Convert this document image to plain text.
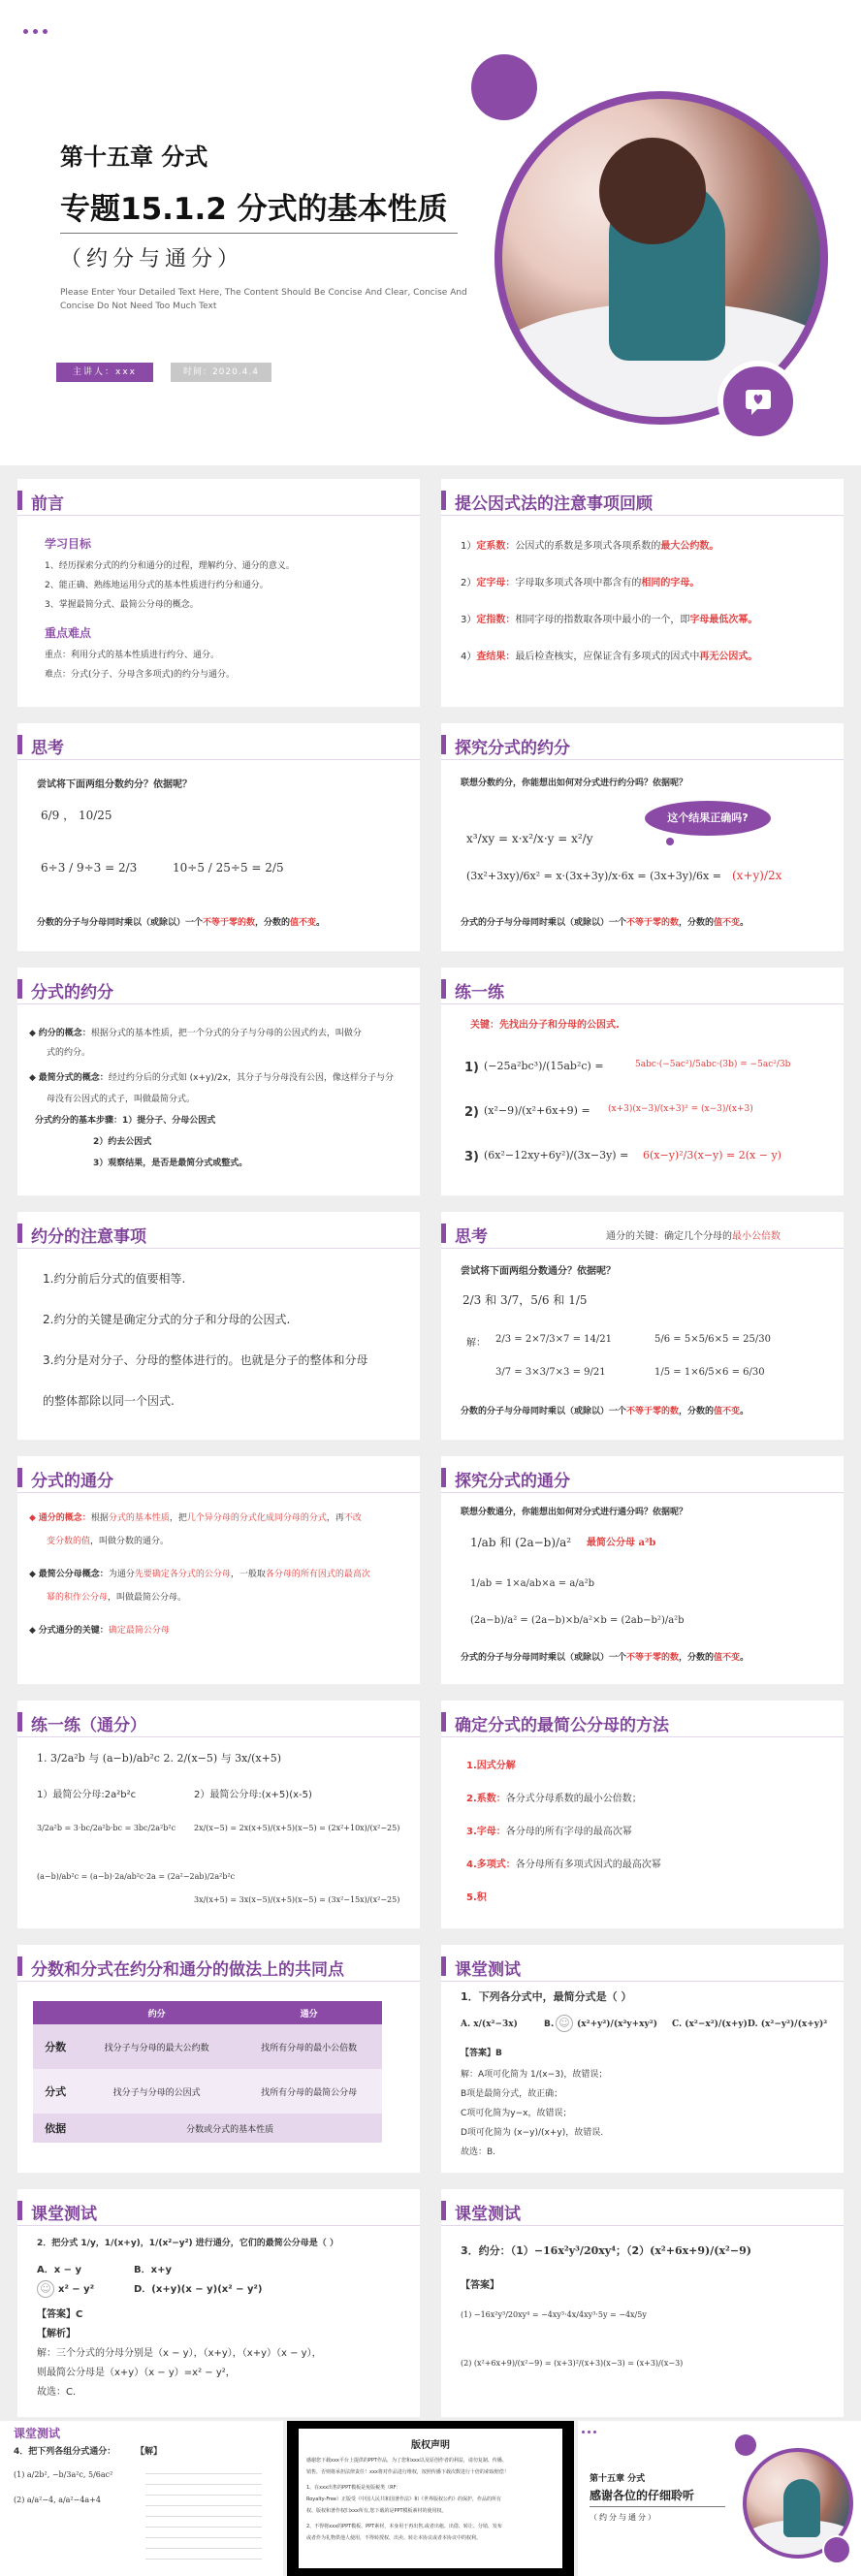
第十五章 分式
专题15.1.2 分式的基本性质
（约分与通分）
Please Enter Your Detailed Text Here, The Content Should Be Concise And Clear, Concise And
Concise Do Not Need Too Much Text
主讲人：xxx	时间：2020.4.4
前言
学习目标
1、经历探索分式的约分和通分的过程，理解约分、通分的意义。
2、能正确、熟练地运用分式的基本性质进行约分和通分。
3、掌握最简分式、最简公分母的概念。
重点难点
重点：利用分式的基本性质进行约分、通分。
难点：分式(分子、分母含多项式)的约分与通分。
提公因式法的注意事项回顾
1）定系数：公因式的系数是多项式各项系数的最大公约数。
2）定字母：字母取多项式各项中都含有的相同的字母。
3）定指数：相同字母的指数取各项中最小的一个，即字母最低次幂。
4）查结果：最后检查核实，应保证含有多项式的因式中再无公因式。
思考
尝试将下面两组分数约分？依据呢？
6/9 ， 10/25
6÷3 / 9÷3 = 2/3	10÷5 / 25÷5 = 2/5
分数的分子与分母同时乘以（或除以）一个不等于零的数，分数的值不变。
探究分式的约分
联想分数约分，你能想出如何对分式进行约分吗？依据呢？
这个结果正确吗?
x³/xy = x·x²/x·y = x²/y
(3x²+3xy)/6x² = x·(3x+3y)/x·6x = (3x+3y)/6x = (x+y)/2x
分式的分子与分母同时乘以（或除以）一个不等于零的数，分数的值不变。
分式的约分
◆ 约分的概念：根据分式的基本性质，把一个分式的分子与分母的公因式约去，叫做分
式的约分。
◆ 最简分式的概念：经过约分后的分式如 (x+y)/2x，其分子与分母没有公因，像这样分子与分
母没有公因式的式子，叫做最简分式。
分式约分的基本步骤：1）提分子、分母公因式
2）约去公因式
3）观察结果，是否是最简分式或整式。
练一练
关键：先找出分子和分母的公因式.
1) (−25a²bc³)/(15ab²c) =	5abc·(−5ac²)/5abc·(3b) = −5ac²/3b
2) (x²−9)/(x²+6x+9) = (x+3)(x−3)/(x+3)² = (x−3)/(x+3)
3) (6x²−12xy+6y²)/(3x−3y) = 6(x−y)²/3(x−y) = 2(x − y)
约分的注意事项
1.约分前后分式的值要相等.
2.约分的关键是确定分式的分子和分母的公因式.
3.约分是对分子、分母的整体进行的。也就是分子的整体和分母
的整体都除以同一个因式.
思考	通分的关键：确定几个分母的最小公倍数
尝试将下面两组分数通分？依据呢？
2/3 和 3/7，5/6 和 1/5
解： 2/3 = 2×7/3×7 = 14/21
3/7 = 3×3/7×3 = 9/21
5/6 = 5×5/6×5 = 25/30
1/5 = 1×6/5×6 = 6/30
分数的分子与分母同时乘以（或除以）一个不等于零的数，分数的值不变。
分式的通分
◆ 通分的概念：根据分式的基本性质，把几个异分母的分式化成同分母的分式，再不改
变分数的值，叫做分数的通分。
◆ 最简公分母概念：为通分先要确定各分式的公分母，一般取各分母的所有因式的最高次
幂的积作公分母，叫做最简公分母。
◆ 分式通分的关键：确定最简公分母
探究分式的通分
联想分数通分，你能想出如何对分式进行通分吗？依据呢？
1/ab 和 (2a−b)/a² 最简公分母 a²b
1/ab = 1×a/ab×a = a/a²b
(2a−b)/a² = (2a−b)×b/a²×b = (2ab−b²)/a²b
分式的分子与分母同时乘以（或除以）一个不等于零的数，分数的值不变。
练一练（通分）
1. 3/2a²b 与 (a−b)/ab²c 2. 2/(x−5) 与 3x/(x+5)
1）最简公分母:2a²b²c	2）最简公分母:(x+5)(x-5)
3/2a²b = 3·bc/2a²b·bc = 3bc/2a²b²c
(a−b)/ab²c = (a−b)·2a/ab²c·2a = (2a²−2ab)/2a²b²c
2x/(x−5) = 2x(x+5)/(x+5)(x−5) = (2x²+10x)/(x²−25)
3x/(x+5) = 3x(x−5)/(x+5)(x−5) = (3x²−15x)/(x²−25)
确定分式的最简公分母的方法
1.因式分解
2.系数：各分式分母系数的最小公倍数；
3.字母：各分母的所有字母的最高次幂
4.多项式：各分母所有多项式因式的最高次幂
5.积
分数和分式在约分和通分的做法上的共同点
	约分	通分
分数	找分子与分母的最大公约数	找所有分母的最小公倍数
分式	找分子与分母的公因式	找所有分母的最简公分母
依据	分数或分式的基本性质	
课堂测试
1．下列各分式中，最简分式是（ ）
A. x/(x²−3x)	B. ☺ (x²+y²)/(x²y+xy²) C. (x²−x²)/(x+y) D. (x²−y²)/(x+y)²
【答案】B
解：A项可化简为 1/(x−3)，故错误；
B项是最简分式，故正确；
C项可化简为y−x，故错误；
D项可化简为 (x−y)/(x+y)，故错误.
故选：B.
课堂测试
2．把分式 1/y，1/(x+y)，1/(x²−y²) 进行通分，它们的最简公分母是（ ）
A．x − y	B．x+y
☺ x² − y²	D．(x+y)(x − y)(x² − y²)
【答案】C
【解析】
解：三个分式的分母分别是（x − y），（x+y），（x+y）（x − y），
则最简公分母是（x+y）（x − y）=x² − y²，
故选：C.
课堂测试
3．约分：（1）−16x²y³/20xy⁴；（2）(x²+6x+9)/(x²−9)
【答案】
(1) −16x²y³/20xy⁴ = −4xy³·4x/4xy³·5y = −4x/5y
(2) (x²+6x+9)/(x²−9) = (x+3)²/(x+3)(x−3) = (x+3)/(x−3)
课堂测试
4．把下列各组分式通分： 【解】
(1) a/2b², −b/3a²c, 5/6ac²
(2) a/a²−4, a/a²−4a+4
版权声明
感谢您下载xxx平台上提供的PPT作品，为了您和xxx以及原创作者的利益，请勿复制、传播、
销售，否则将承担法律责任！xxx将对作品进行维权，按照传播下载次数进行十倍的索取赔偿！
1、在xxx出售的PPT模板是免版税类（RF：
Royalty-Free）正版受《中国人民共和国著作法》和《世界版权公约》的保护，作品的所有
权、版权和著作权归xxx所有,您下载的是PPT模板素材的使用权。
2、不得将xxx的PPT模板、PPT素材，本身用于再出售,或者出租、出借、转让、分销、发布
或者作为礼物供他人使用，不得转授权、出卖、转让本协议或者本协议中的权利。
第十五章 分式
感谢各位的仔细聆听
（约分与通分）
